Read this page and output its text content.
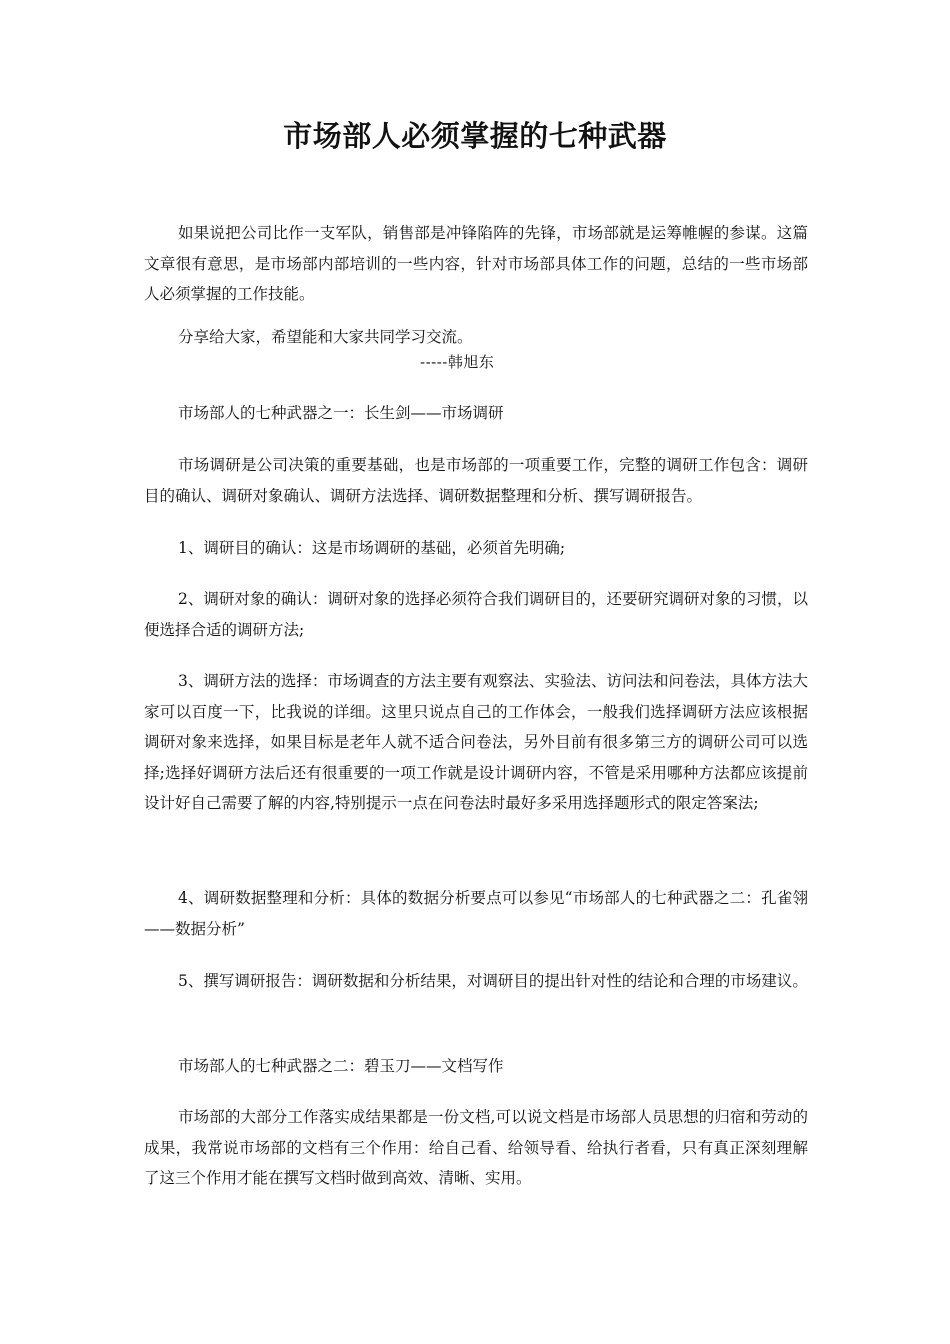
市场部人必须掌握的七种武器

如果说把公司比作一支军队，销售部是冲锋陷阵的先锋，市场部就是运筹帷幄的参谋。这篇文章很有意思，是市场部内部培训的一些内容，针对市场部具体工作的问题，总结的一些市场部人必须掌握的工作技能。

分享给大家，希望能和大家共同学习交流。

-----韩旭东

市场部人的七种武器之一：长生剑——市场调研

市场调研是公司决策的重要基础，也是市场部的一项重要工作，完整的调研工作包含：调研目的确认、调研对象确认、调研方法选择、调研数据整理和分析、撰写调研报告。

1、调研目的确认：这是市场调研的基础，必须首先明确;

2、调研对象的确认：调研对象的选择必须符合我们调研目的，还要研究调研对象的习惯，以便选择合适的调研方法;

3、调研方法的选择：市场调查的方法主要有观察法、实验法、访问法和问卷法，具体方法大家可以百度一下，比我说的详细。这里只说点自己的工作体会，一般我们选择调研方法应该根据调研对象来选择，如果目标是老年人就不适合问卷法，另外目前有很多第三方的调研公司可以选择;选择好调研方法后还有很重要的一项工作就是设计调研内容，不管是采用哪种方法都应该提前设计好自己需要了解的内容,特别提示一点在问卷法时最好多采用选择题形式的限定答案法;

4、调研数据整理和分析：具体的数据分析要点可以参见“市场部人的七种武器之二：孔雀翎——数据分析”

5、撰写调研报告：调研数据和分析结果，对调研目的提出针对性的结论和合理的市场建议。

市场部人的七种武器之二：碧玉刀——文档写作

市场部的大部分工作落实成结果都是一份文档,可以说文档是市场部人员思想的归宿和劳动的成果，我常说市场部的文档有三个作用：给自己看、给领导看、给执行者看，只有真正深刻理解了这三个作用才能在撰写文档时做到高效、清晰、实用。
